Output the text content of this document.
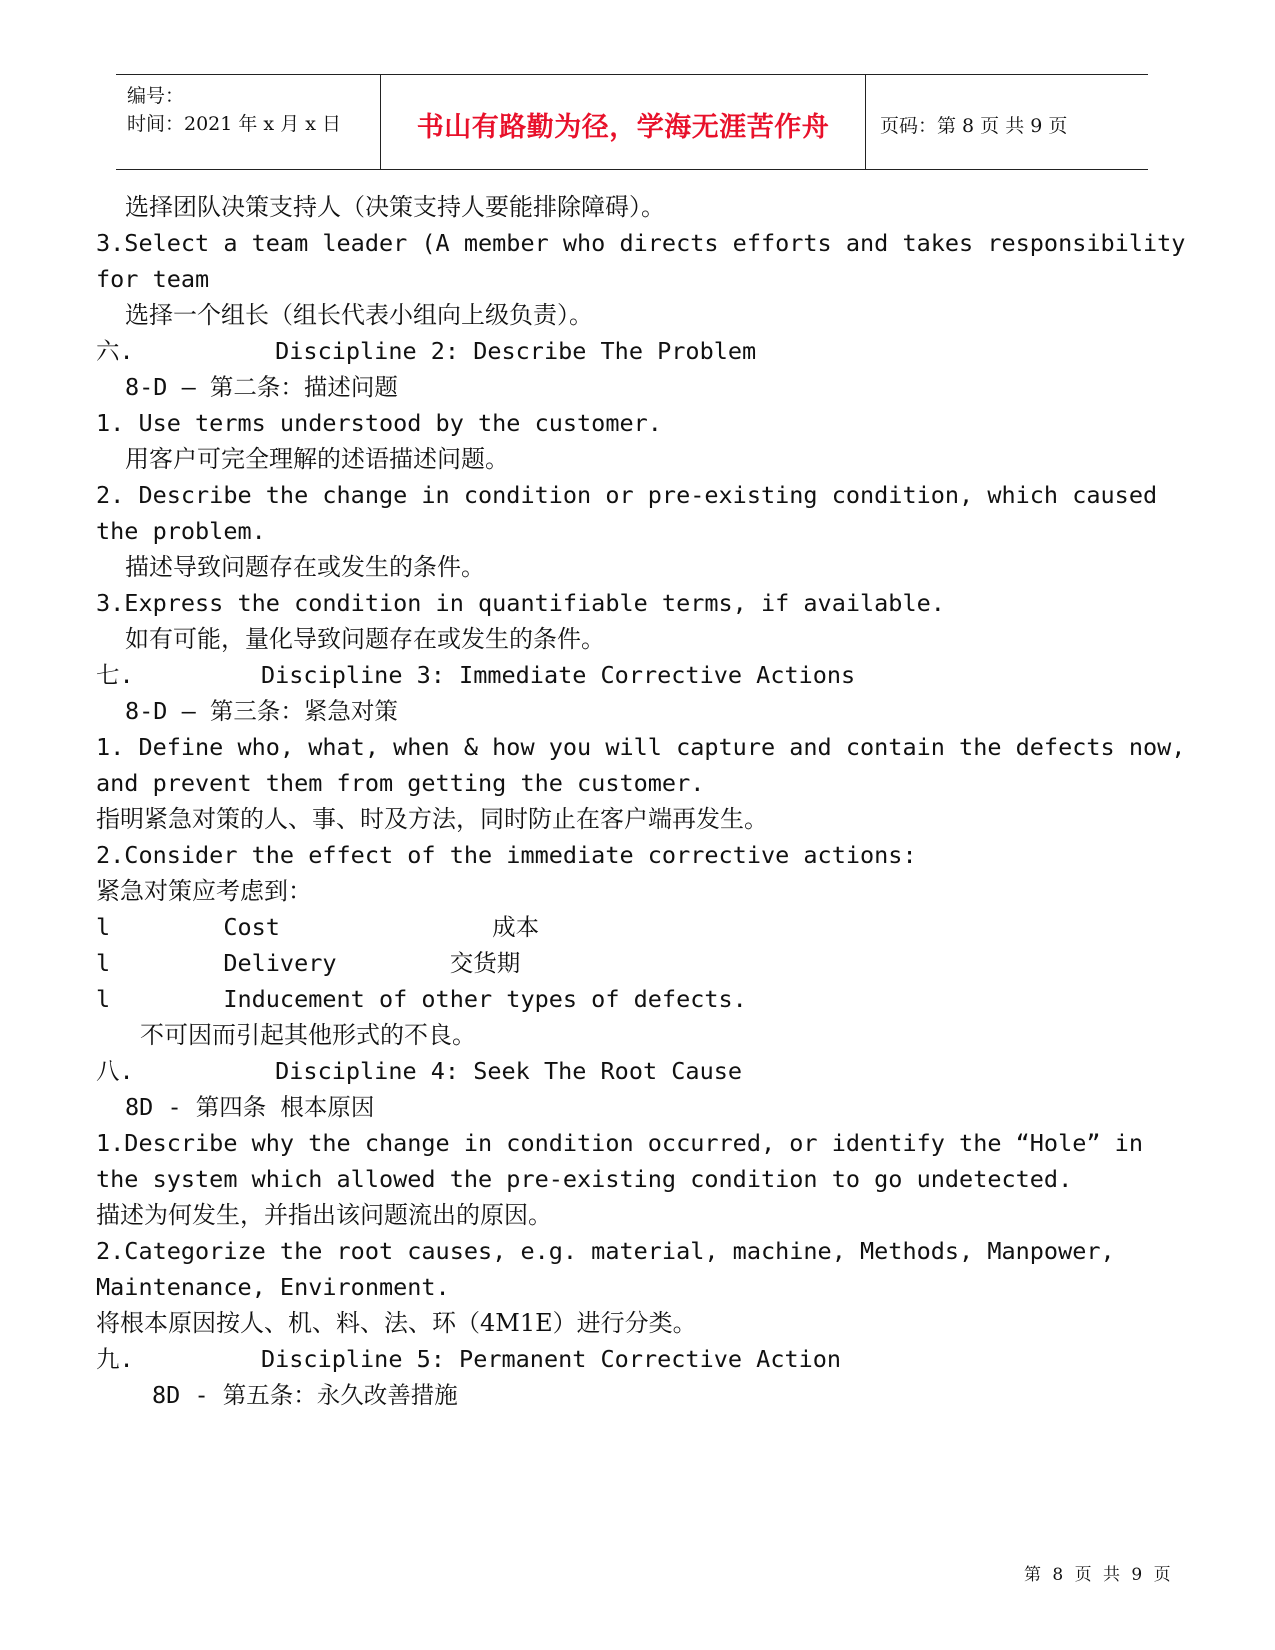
编号：
时间：2021 年 x 月 x 日	书山有路勤为径，学海无涯苦作舟	页码：第 8 页 共 9 页
选择团队决策支持人（决策支持人要能排除障碍）。
3.Select a team leader (A member who directs efforts and takes responsibility
for team
选择一个组长（组长代表小组向上级负责）。
六.          Discipline 2: Describe The Problem
8-D – 第二条：描述问题
1. Use terms understood by the customer.
用客户可完全理解的述语描述问题。
2. Describe the change in condition or pre-existing condition, which caused
the problem.
描述导致问题存在或发生的条件。
3.Express the condition in quantifiable terms, if available.
如有可能，量化导致问题存在或发生的条件。
七.         Discipline 3: Immediate Corrective Actions
8-D – 第三条：紧急对策
1. Define who, what, when & how you will capture and contain the defects now,
and prevent them from getting the customer.
指明紧急对策的人、事、时及方法，同时防止在客户端再发生。
2.Consider the effect of the immediate corrective actions:
紧急对策应考虑到：
l        Cost               成本
l        Delivery        交货期
l        Inducement of other types of defects.
不可因而引起其他形式的不良。
八.          Discipline 4: Seek The Root Cause
8D - 第四条 根本原因
1.Describe why the change in condition occurred, or identify the “Hole” in
the system which allowed the pre-existing condition to go undetected.
描述为何发生，并指出该问题流出的原因。
2.Categorize the root causes, e.g. material, machine, Methods, Manpower,
Maintenance, Environment.
将根本原因按人、机、料、法、环（4M1E）进行分类。
九.         Discipline 5: Permanent Corrective Action
8D - 第五条：永久改善措施
第 8 页 共 9 页
